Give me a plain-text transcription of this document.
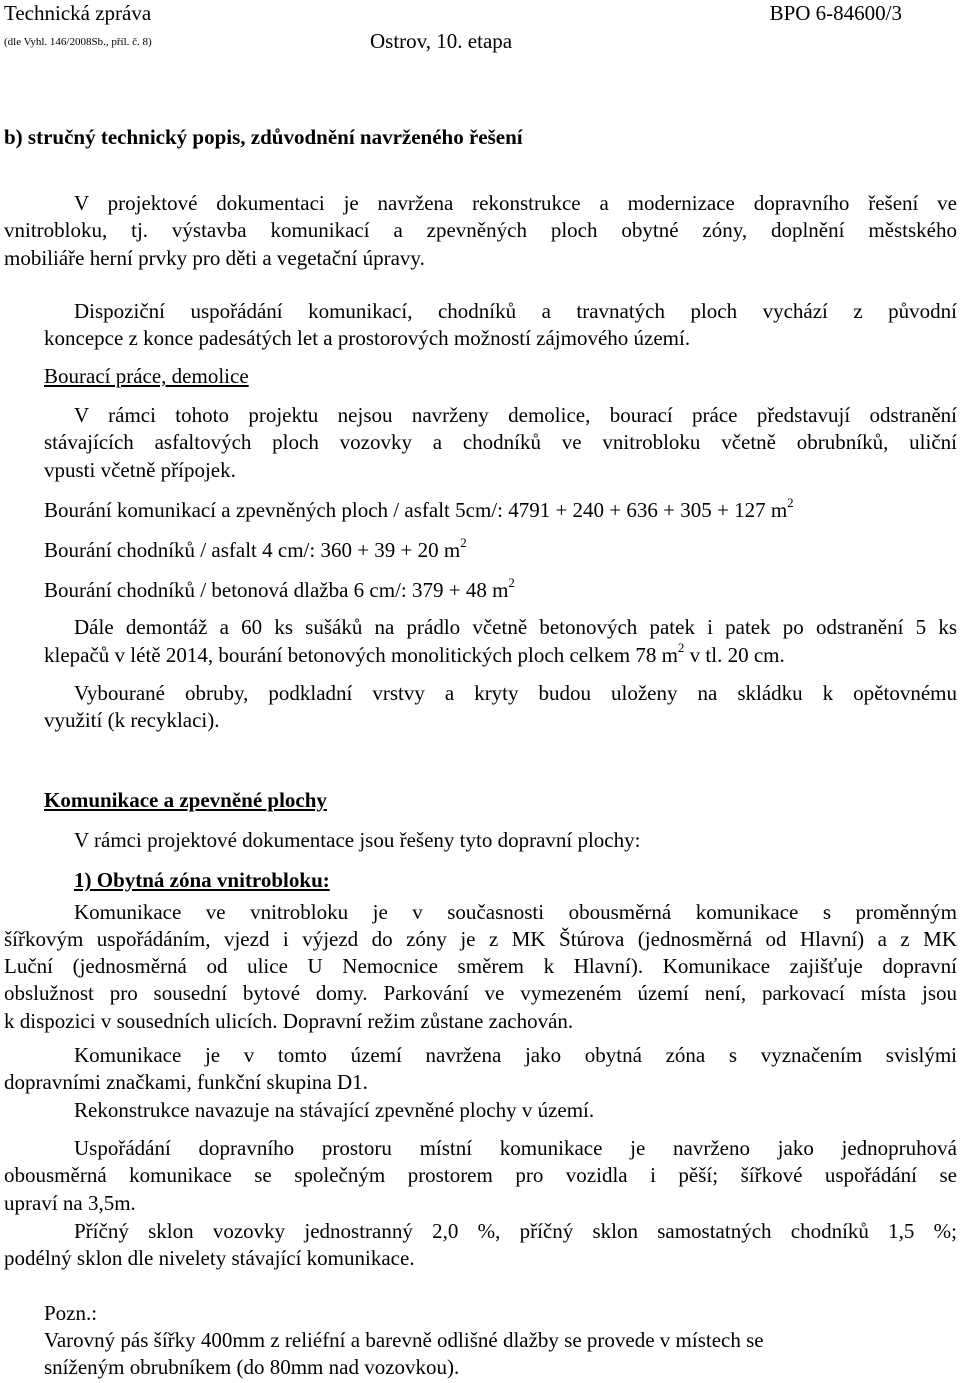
Technická zpráva
(dle Vyhl. 146/2008Sb., příl. č. 8)	Ostrov, 10. etapa
BPO 6-84600/3
b) stručný technický popis, zdůvodnění navrženého řešení
V projektové dokumentaci je navržena rekonstrukce a modernizace dopravního řešení ve
vnitrobloku, tj. výstavba komunikací a zpevněných ploch obytné zóny, doplnění městského
mobiliáře herní prvky pro děti a vegetační úpravy.
Dispoziční uspořádání komunikací, chodníků a travnatých ploch vychází z původní
koncepce z konce padesátých let a prostorových možností zájmového území.
Bourací práce, demolice
V rámci tohoto projektu nejsou navrženy demolice, bourací práce představují odstranění
stávajících asfaltových ploch vozovky a chodníků ve vnitrobloku včetně obrubníků, uliční
vpusti včetně přípojek.
Bourání komunikací a zpevněných ploch / asfalt 5cm/: 4791 + 240 + 636 + 305 + 127 $m^2$
Bourání chodníků / asfalt 4 cm/: 360 + 39 + 20 $m^2$
Bourání chodníků / betonová dlažba 6 cm/: 379 + 48 $m^2$
Dále demontáž a 60 ks sušáků na prádlo včetně betonových patek i patek po odstranění 5 ks
klepačů v létě 2014, bourání betonových monolitických ploch celkem 78 $m^2$ v tl. 20 cm.
Vybourané obruby, podkladní vrstvy a kryty budou uloženy na skládku k opětovnému
využití (k recyklaci).
Komunikace a zpevněné plochy
V rámci projektové dokumentace jsou řešeny tyto dopravní plochy:
1) Obytná zóna vnitrobloku:
Komunikace ve vnitrobloku je v současnosti obousměrná komunikace s proměnným
šířkovým uspořádáním, vjezd i výjezd do zóny je z MK Štúrova (jednosměrná od Hlavní) a z MK
Luční (jednosměrná od ulice U Nemocnice směrem k Hlavní). Komunikace zajišťuje dopravní
obslužnost pro sousední bytové domy. Parkování ve vymezeném území není, parkovací místa jsou
k dispozici v sousedních ulicích. Dopravní režim zůstane zachován.
Komunikace je v tomto území navržena jako obytná zóna s vyznačením svislými
dopravními značkami, funkční skupina D1.
Rekonstrukce navazuje na stávající zpevněné plochy v území.
Uspořádání dopravního prostoru místní komunikace je navrženo jako jednopruhová
obousměrná komunikace se společným prostorem pro vozidla i pěší; šířkové uspořádání se
upraví na 3,5m.
Příčný sklon vozovky jednostranný 2,0 %, příčný sklon samostatných chodníků 1,5 %;
podélný sklon dle nivelety stávající komunikace.
Pozn.:
Varovný pás šířky 400mm z reliéfní a barevně odlišné dlažby se provede v místech se
sníženým obrubníkem (do 80mm nad vozovkou).
